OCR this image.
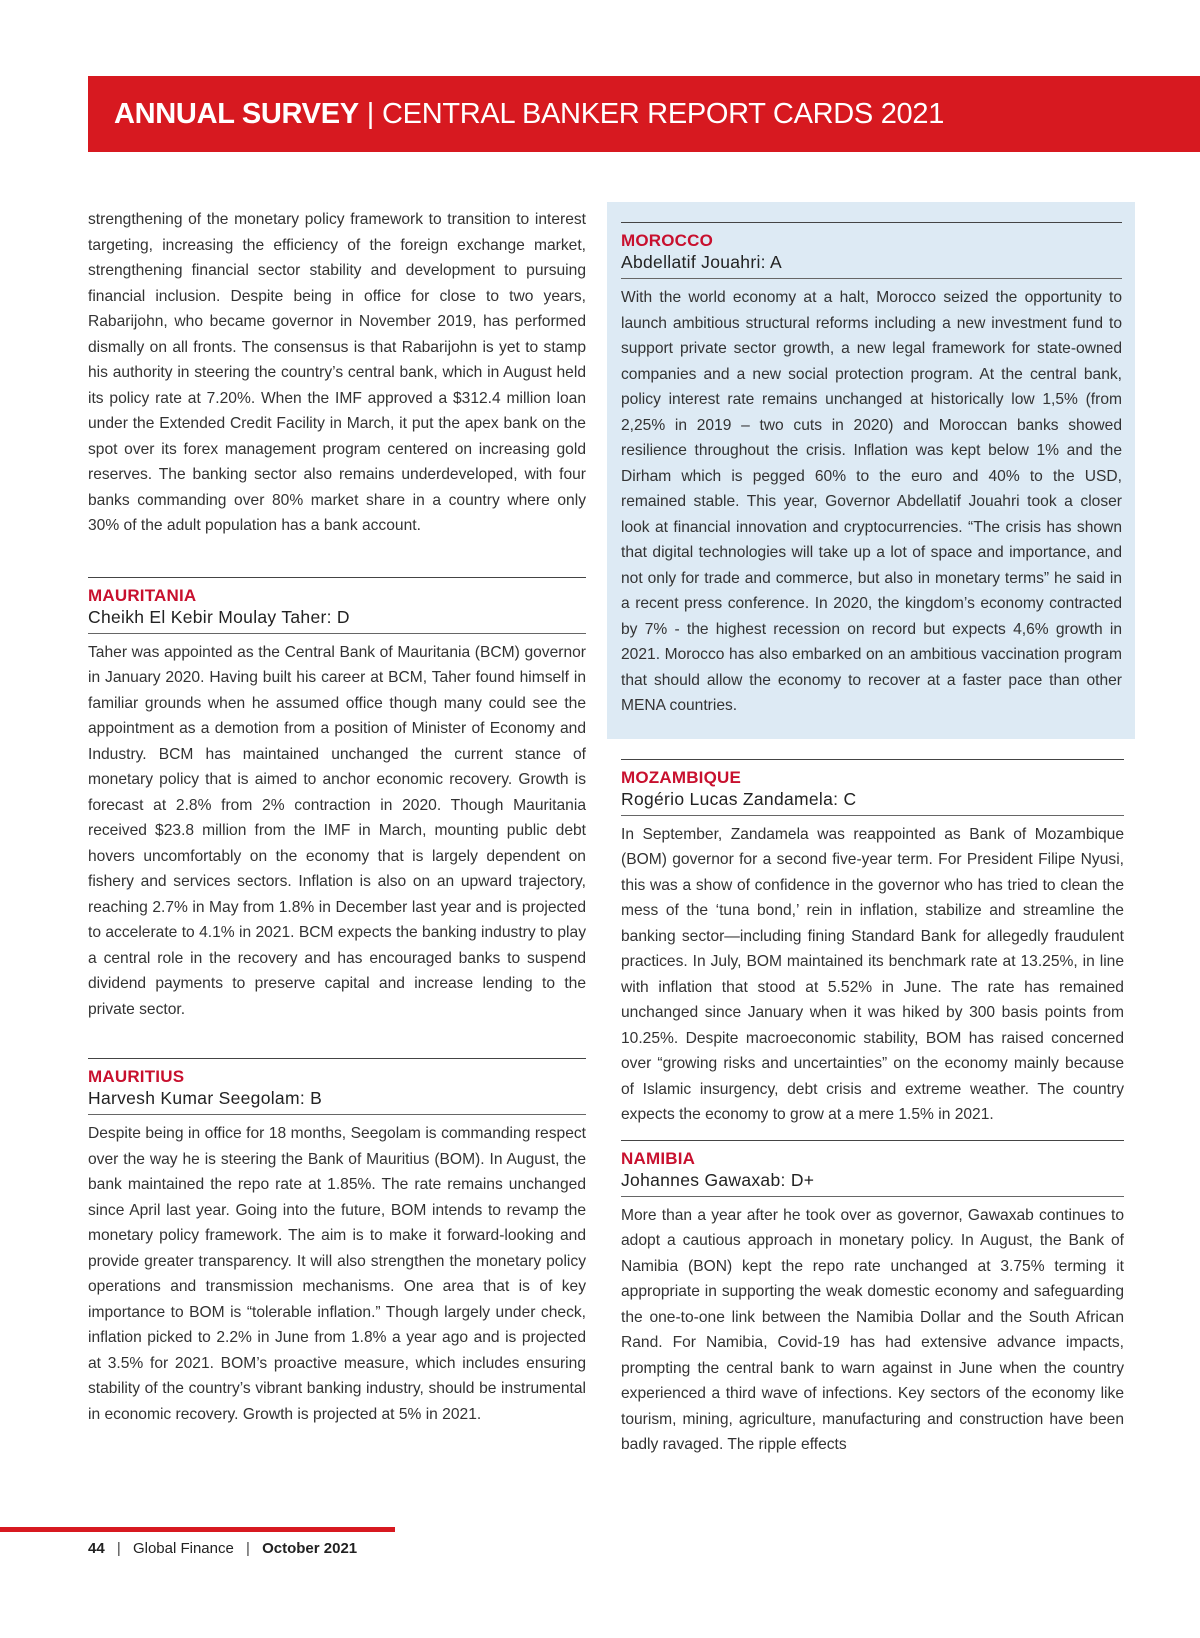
ANNUAL SURVEY | CENTRAL BANKER REPORT CARDS 2021

strengthening of the monetary policy framework to transition to interest targeting, increasing the efficiency of the foreign exchange market, strengthening financial sector stability and development to pursuing financial inclusion. Despite being in office for close to two years, Rabarijohn, who became governor in November 2019, has performed dismally on all fronts. The consensus is that Rabarijohn is yet to stamp his authority in steering the country’s central bank, which in August held its policy rate at 7.20%. When the IMF approved a $312.4 million loan under the Extended Credit Facility in March, it put the apex bank on the spot over its forex management program centered on increasing gold reserves. The banking sector also remains underdeveloped, with four banks commanding over 80% market share in a country where only 30% of the adult population has a bank account.

MAURITANIA
Cheikh El Kebir Moulay Taher: D

Taher was appointed as the Central Bank of Mauritania (BCM) governor in January 2020. Having built his career at BCM, Taher found himself in familiar grounds when he assumed office though many could see the appointment as a demotion from a position of Minister of Economy and Industry. BCM has maintained unchanged the current stance of monetary policy that is aimed to anchor economic recovery. Growth is forecast at 2.8% from 2% contraction in 2020. Though Mauritania received $23.8 million from the IMF in March, mounting public debt hovers uncomfortably on the economy that is largely dependent on fishery and services sectors. Inflation is also on an upward trajectory, reaching 2.7% in May from 1.8% in December last year and is projected to accelerate to 4.1% in 2021. BCM expects the banking industry to play a central role in the recovery and has encouraged banks to suspend dividend payments to preserve capital and increase lending to the private sector.

MAURITIUS
Harvesh Kumar Seegolam: B

Despite being in office for 18 months, Seegolam is commanding respect over the way he is steering the Bank of Mauritius (BOM). In August, the bank maintained the repo rate at 1.85%. The rate remains unchanged since April last year. Going into the future, BOM intends to revamp the monetary policy framework. The aim is to make it forward-looking and provide greater transparency. It will also strengthen the monetary policy operations and transmission mechanisms. One area that is of key importance to BOM is “tolerable inflation.” Though largely under check, inflation picked to 2.2% in June from 1.8% a year ago and is projected at 3.5% for 2021. BOM’s proactive measure, which includes ensuring stability of the country’s vibrant banking industry, should be instrumental in economic recovery. Growth is projected at 5% in 2021.

MOROCCO
Abdellatif Jouahri: A

With the world economy at a halt, Morocco seized the opportunity to launch ambitious structural reforms including a new investment fund to support private sector growth, a new legal framework for state-owned companies and a new social protection program. At the central bank, policy interest rate remains unchanged at historically low 1,5% (from 2,25% in 2019 – two cuts in 2020) and Moroccan banks showed resilience throughout the crisis. Inflation was kept below 1% and the Dirham which is pegged 60% to the euro and 40% to the USD, remained stable. This year, Governor Abdellatif Jouahri took a closer look at financial innovation and cryptocurrencies. “The crisis has shown that digital technologies will take up a lot of space and importance, and not only for trade and commerce, but also in monetary terms” he said in a recent press conference. In 2020, the kingdom’s economy contracted by 7% - the highest recession on record but expects 4,6% growth in 2021. Morocco has also embarked on an ambitious vaccination program that should allow the economy to recover at a faster pace than other MENA countries.

MOZAMBIQUE
Rogério Lucas Zandamela: C

In September, Zandamela was reappointed as Bank of Mozambique (BOM) governor for a second five-year term. For President Filipe Nyusi, this was a show of confidence in the governor who has tried to clean the mess of the ‘tuna bond,’ rein in inflation, stabilize and streamline the banking sector—including fining Standard Bank for allegedly fraudulent practices. In July, BOM maintained its benchmark rate at 13.25%, in line with inflation that stood at 5.52% in June. The rate has remained unchanged since January when it was hiked by 300 basis points from 10.25%. Despite macroeconomic stability, BOM has raised concerned over “growing risks and uncertainties” on the economy mainly because of Islamic insurgency, debt crisis and extreme weather. The country expects the economy to grow at a mere 1.5% in 2021.

NAMIBIA
Johannes Gawaxab: D+

More than a year after he took over as governor, Gawaxab continues to adopt a cautious approach in monetary policy. In August, the Bank of Namibia (BON) kept the repo rate unchanged at 3.75% terming it appropriate in supporting the weak domestic economy and safeguarding the one-to-one link between the Namibia Dollar and the South African Rand. For Namibia, Covid-19 has had extensive advance impacts, prompting the central bank to warn against in June when the country experienced a third wave of infections. Key sectors of the economy like tourism, mining, agriculture, manufacturing and construction have been badly ravaged. The ripple effects

44 | Global Finance | October 2021
